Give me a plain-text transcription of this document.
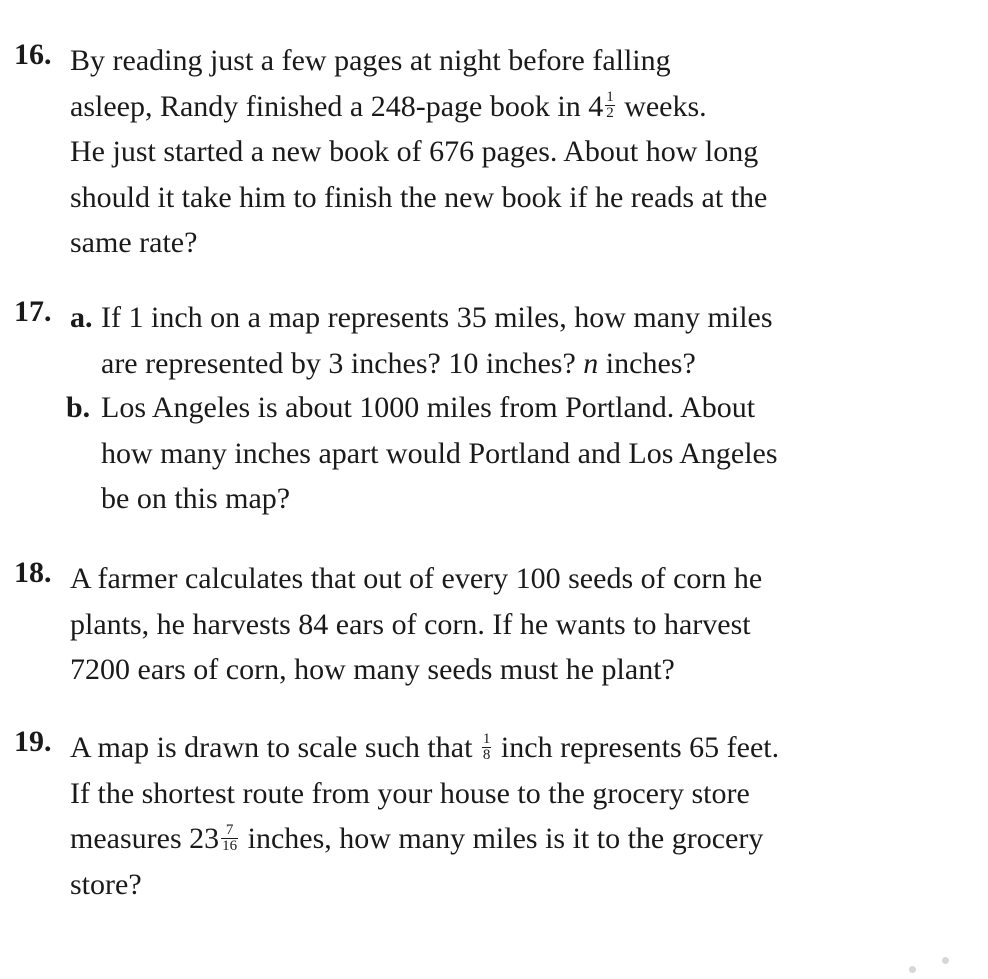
16. By reading just a few pages at night before falling
asleep, Randy finished a 248-page book in $4 \frac{1}{2}$ weeks.
He just started a new book of 676 pages. About how long
should it take him to finish the new book if he reads at the
same rate?
17. a. If 1 inch on a map represents 35 miles, how many miles
are represented by 3 inches? 10 inches? n inches?
b. Los Angeles is about 1000 miles from Portland. About
how many inches apart would Portland and Los Angeles
be on this map?
18. A farmer calculates that out of every 100 seeds of corn he
plants, he harvests 84 ears of corn. If he wants to harvest
7200 ears of corn, how many seeds must he plant?
19. A map is drawn to scale such that $\frac{1}{8}$ inch represents 65 feet.
If the shortest route from your house to the grocery store
measures $23 \frac{7}{16}$ inches, how many miles is it to the grocery
store?
